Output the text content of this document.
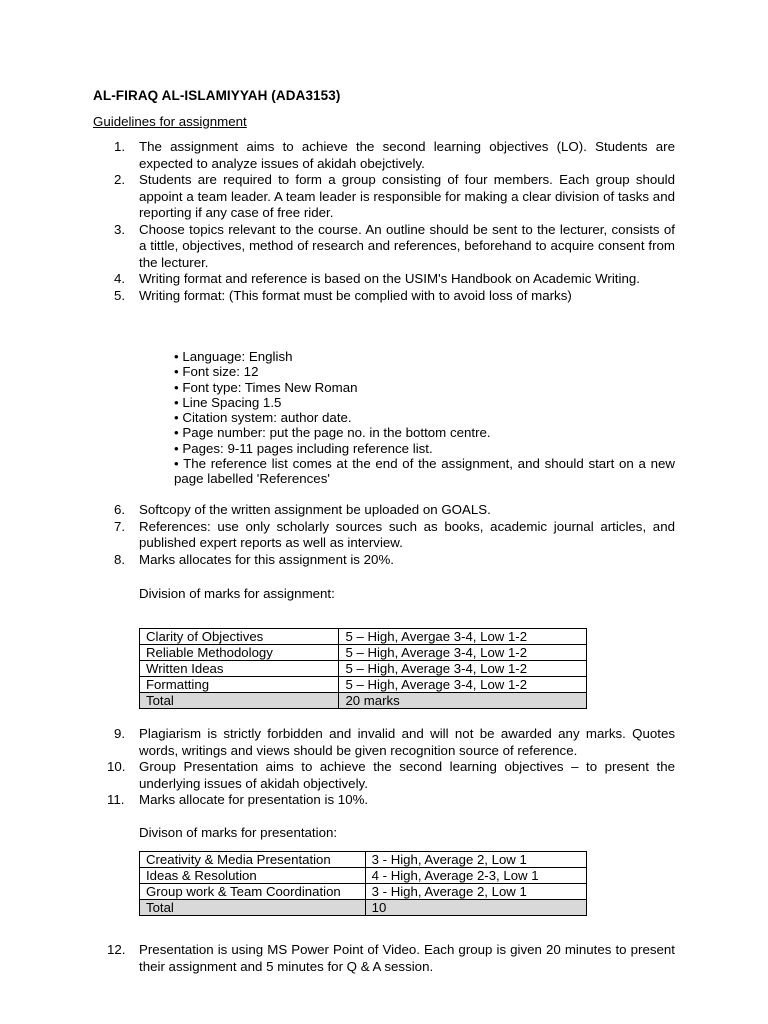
AL-FIRAQ AL-ISLAMIYYAH (ADA3153)
Guidelines for assignment
1.	The assignment aims to achieve the second learning objectives (LO). Students are expected to analyze issues of akidah obejctively.
2.	Students are required to form a group consisting of four members. Each group should appoint a team leader. A team leader is responsible for making a clear division of tasks and reporting if any case of free rider.
3.	Choose topics relevant to the course. An outline should be sent to the lecturer, consists of a tittle, objectives, method of research and references, beforehand to acquire consent from the lecturer.
4.	Writing format and reference is based on the USIM's Handbook on Academic Writing.
5.	Writing format: (This format must be complied with to avoid loss of marks)
• Language: English
• Font size: 12
• Font type: Times New Roman
• Line Spacing 1.5
• Citation system: author date.
• Page number: put the page no. in the bottom centre.
• Pages: 9-11 pages including reference list.
• The reference list comes at the end of the assignment, and should start on a new page labelled 'References'
6.	Softcopy of the written assignment be uploaded on GOALS.
7.	References: use only scholarly sources such as books, academic journal articles, and published expert reports as well as interview.
8.	Marks allocates for this assignment is 20%.
Division of marks for assignment:
Clarity of Objectives	5 – High, Avergae 3-4, Low 1-2
Reliable Methodology	5 – High, Average 3-4, Low 1-2
Written Ideas	5 – High, Average 3-4, Low 1-2
Formatting	5 – High, Average 3-4, Low 1-2
Total	20 marks
9.	Plagiarism is strictly forbidden and invalid and will not be awarded any marks. Quotes words, writings and views should be given recognition source of reference.
10. Group Presentation aims to achieve the second learning objectives – to present the underlying issues of akidah objectively.
11. Marks allocate for presentation is 10%.
Divison of marks for presentation:
Creativity & Media Presentation	3 - High, Average 2, Low 1
Ideas & Resolution	4 - High, Average 2-3, Low 1
Group work & Team Coordination	3 - High, Average 2, Low 1
Total	10
12. Presentation is using MS Power Point of Video. Each group is given 20 minutes to present their assignment and 5 minutes for Q & A session.
